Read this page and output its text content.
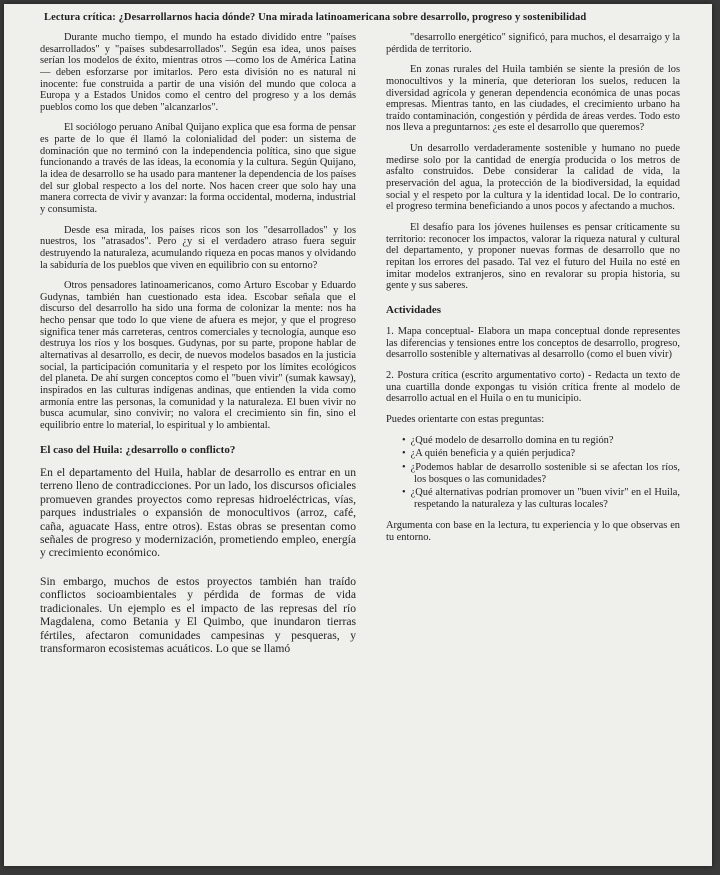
Lectura crítica: ¿Desarrollarnos hacia dónde? Una mirada latinoamericana sobre desarrollo, progreso y sostenibilidad

Durante mucho tiempo, el mundo ha estado dividido entre "países desarrollados" y "países subdesarrollados". Según esa idea, unos países serían los modelos de éxito, mientras otros —como los de América Latina— deben esforzarse por imitarlos. Pero esta división no es natural ni inocente: fue construida a partir de una visión del mundo que coloca a Europa y a Estados Unidos como el centro del progreso y a los demás pueblos como los que deben "alcanzarlos".

El sociólogo peruano Aníbal Quijano explica que esa forma de pensar es parte de lo que él llamó la colonialidad del poder: un sistema de dominación que no terminó con la independencia política, sino que sigue funcionando a través de las ideas, la economía y la cultura. Según Quijano, la idea de desarrollo se ha usado para mantener la dependencia de los países del sur global respecto a los del norte. Nos hacen creer que solo hay una manera correcta de vivir y avanzar: la forma occidental, moderna, industrial y consumista.

Desde esa mirada, los países ricos son los "desarrollados" y los nuestros, los "atrasados". Pero ¿y si el verdadero atraso fuera seguir destruyendo la naturaleza, acumulando riqueza en pocas manos y olvidando la sabiduría de los pueblos que viven en equilibrio con su entorno?

Otros pensadores latinoamericanos, como Arturo Escobar y Eduardo Gudynas, también han cuestionado esta idea. Escobar señala que el discurso del desarrollo ha sido una forma de colonizar la mente: nos ha hecho pensar que todo lo que viene de afuera es mejor, y que el progreso significa tener más carreteras, centros comerciales y tecnología, aunque eso destruya los ríos y los bosques. Gudynas, por su parte, propone hablar de alternativas al desarrollo, es decir, de nuevos modelos basados en la justicia social, la participación comunitaria y el respeto por los límites ecológicos del planeta. De ahí surgen conceptos como el "buen vivir" (sumak kawsay), inspirados en las culturas indígenas andinas, que entienden la vida como armonía entre las personas, la comunidad y la naturaleza. El buen vivir no busca acumular, sino convivir; no valora el crecimiento sin fin, sino el equilibrio entre lo material, lo espiritual y lo ambiental.

El caso del Huila: ¿desarrollo o conflicto?

En el departamento del Huila, hablar de desarrollo es entrar en un terreno lleno de contradicciones. Por un lado, los discursos oficiales promueven grandes proyectos como represas hidroeléctricas, vías, parques industriales o expansión de monocultivos (arroz, café, caña, aguacate Hass, entre otros). Estas obras se presentan como señales de progreso y modernización, prometiendo empleo, energía y crecimiento económico.

Sin embargo, muchos de estos proyectos también han traído conflictos socioambientales y pérdida de formas de vida tradicionales. Un ejemplo es el impacto de las represas del río Magdalena, como Betania y El Quimbo, que inundaron tierras fértiles, afectaron comunidades campesinas y pesqueras, y transformaron ecosistemas acuáticos. Lo que se llamó

"desarrollo energético" significó, para muchos, el desarraigo y la pérdida de territorio.

En zonas rurales del Huila también se siente la presión de los monocultivos y la minería, que deterioran los suelos, reducen la diversidad agrícola y generan dependencia económica de unas pocas empresas. Mientras tanto, en las ciudades, el crecimiento urbano ha traído contaminación, congestión y pérdida de áreas verdes. Todo esto nos lleva a preguntarnos: ¿es este el desarrollo que queremos?

Un desarrollo verdaderamente sostenible y humano no puede medirse solo por la cantidad de energía producida o los metros de asfalto construidos. Debe considerar la calidad de vida, la preservación del agua, la protección de la biodiversidad, la equidad social y el respeto por la cultura y la identidad local. De lo contrario, el progreso termina beneficiando a unos pocos y afectando a muchos.

El desafío para los jóvenes huilenses es pensar críticamente su territorio: reconocer los impactos, valorar la riqueza natural y cultural del departamento, y proponer nuevas formas de desarrollo que no repitan los errores del pasado. Tal vez el futuro del Huila no esté en imitar modelos extranjeros, sino en revalorar su propia historia, su gente y sus saberes.

Actividades

1. Mapa conceptual- Elabora un mapa conceptual donde representes las diferencias y tensiones entre los conceptos de desarrollo, progreso, desarrollo sostenible y alternativas al desarrollo (como el buen vivir)

2. Postura crítica (escrito argumentativo corto) - Redacta un texto de una cuartilla donde expongas tu visión crítica frente al modelo de desarrollo actual en el Huila o en tu municipio.

Puedes orientarte con estas preguntas:

• ¿Qué modelo de desarrollo domina en tu región?
• ¿A quién beneficia y a quién perjudica?
• ¿Podemos hablar de desarrollo sostenible si se afectan los ríos, los bosques o las comunidades?
• ¿Qué alternativas podrían promover un "buen vivir" en el Huila, respetando la naturaleza y las culturas locales?

Argumenta con base en la lectura, tu experiencia y lo que observas en tu entorno.
